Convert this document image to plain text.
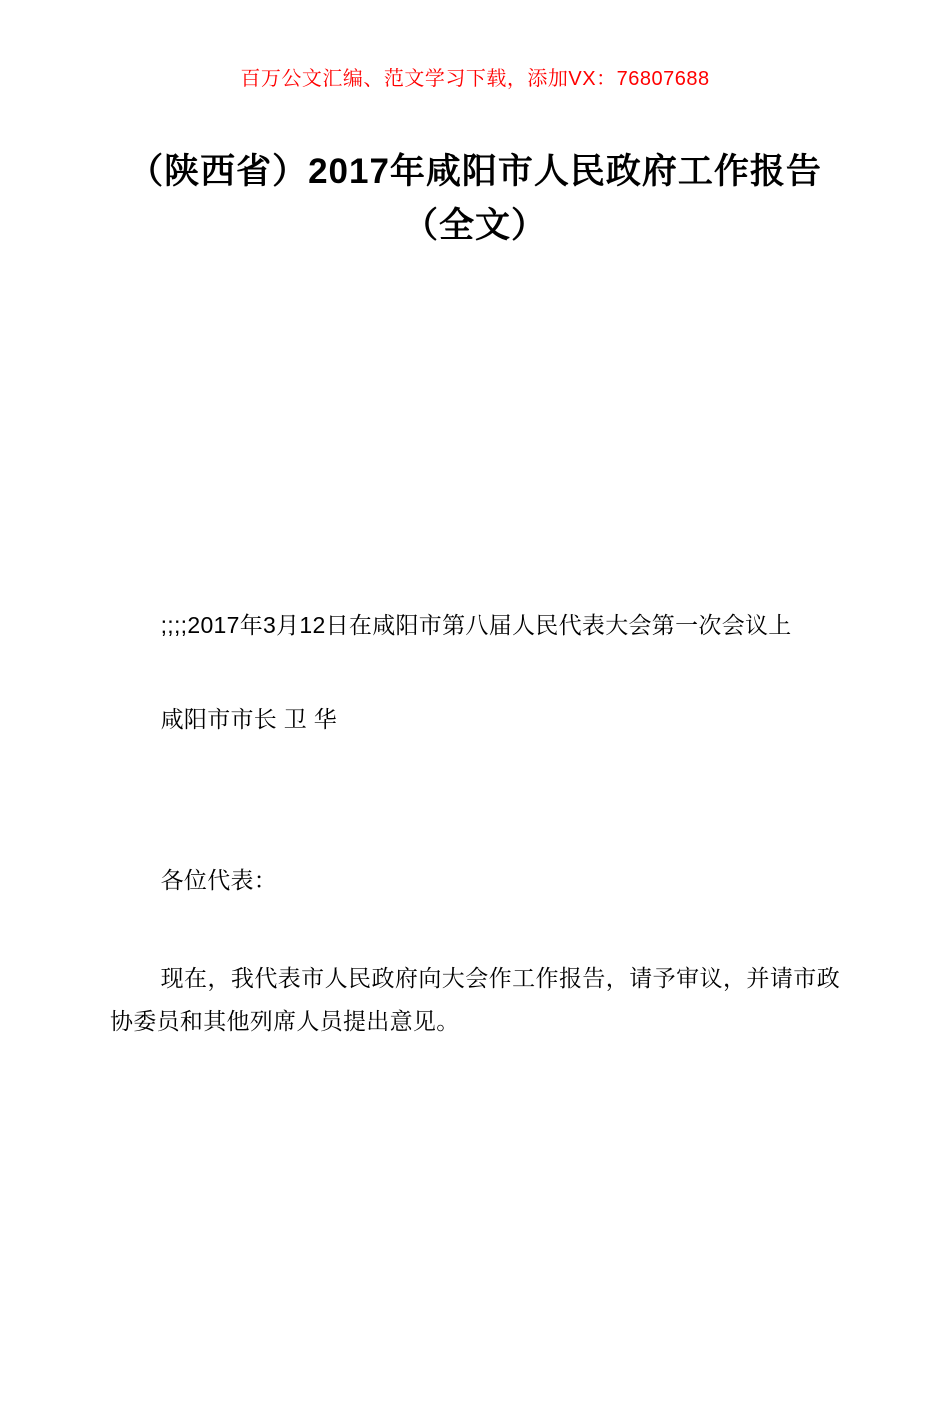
百万公文汇编、范文学习下载，添加VX：76807688
（陕西省）2017年咸阳市人民政府工作报告（全文）
;;;;2017年3月12日在咸阳市第八届人民代表大会第一次会议上
咸阳市市长 卫 华
各位代表：
现在，我代表市人民政府向大会作工作报告，请予审议，并请市政协委员和其他列席人员提出意见。
